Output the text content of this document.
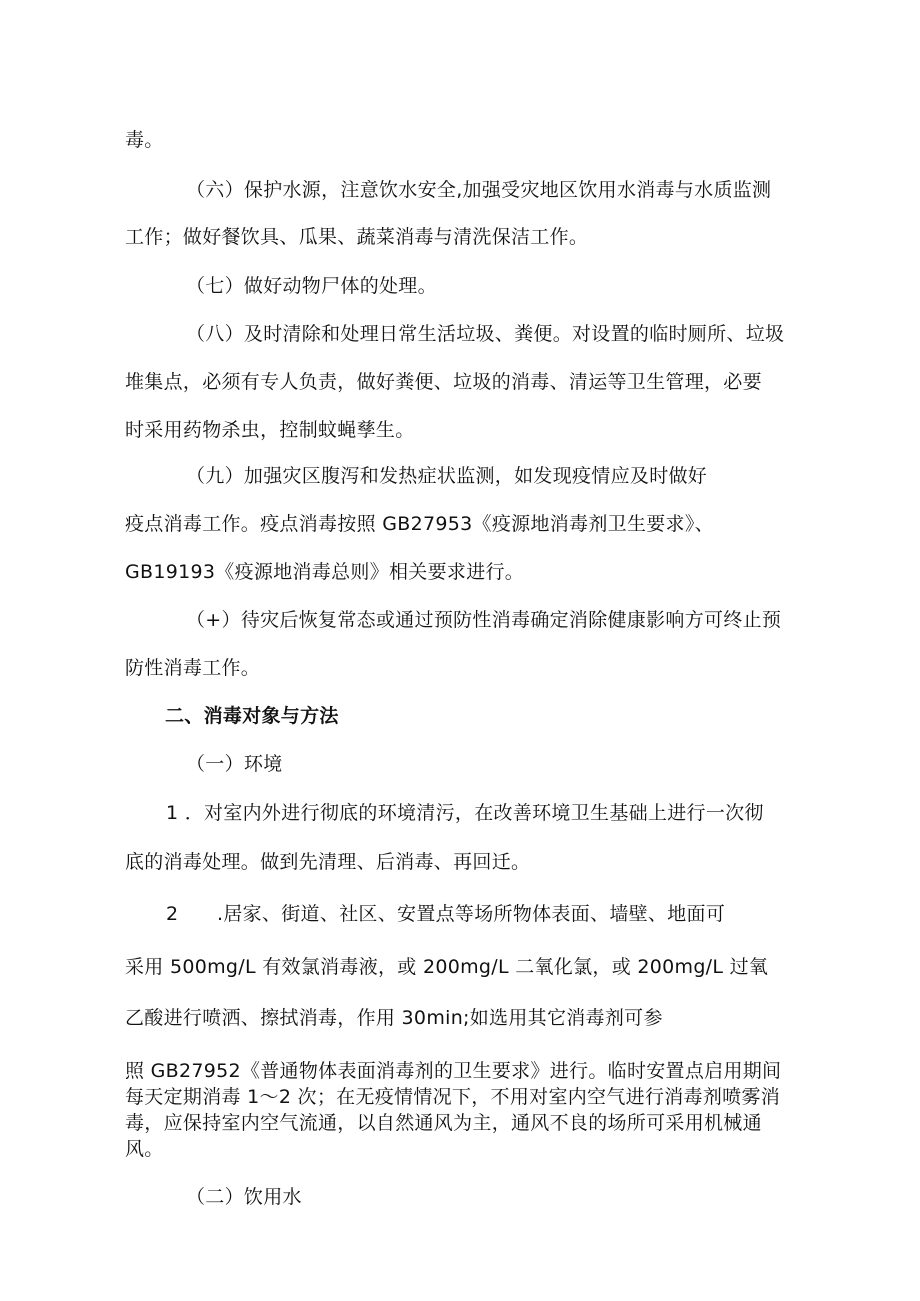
毒。

（六）保护水源，注意饮水安全,加强受灾地区饮用水消毒与水质监测

工作；做好餐饮具、瓜果、蔬菜消毒与清洗保洁工作。

（七）做好动物尸体的处理。

（八）及时清除和处理日常生活垃圾、粪便。对设置的临时厕所、垃圾

堆集点，必须有专人负责，做好粪便、垃圾的消毒、清运等卫生管理，必要

时采用药物杀虫，控制蚊蝇孳生。

（九）加强灾区腹泻和发热症状监测，如发现疫情应及时做好

疫点消毒工作。疫点消毒按照 GB27953《疫源地消毒剂卫生要求》、

GB19193《疫源地消毒总则》相关要求进行。

（+）待灾后恢复常态或通过预防性消毒确定消除健康影响方可终止预

防性消毒工作。

二、消毒对象与方法

（一）环境

1 ．对室内外进行彻底的环境清污，在改善环境卫生基础上进行一次彻

底的消毒处理。做到先清理、后消毒、再回迁。

2　　.居家、街道、社区、安置点等场所物体表面、墙壁、地面可

采用 500mg∕L 有效氯消毒液，或 200mg∕L 二氧化氯，或 200mg∕L 过氧

乙酸进行喷洒、擦拭消毒，作用 30min;如选用其它消毒剂可参

照 GB27952《普通物体表面消毒剂的卫生要求》进行。临时安置点启用期间

每天定期消毒 1〜2 次；在无疫情情况下，不用对室内空气进行消毒剂喷雾消

毒，应保持室内空气流通，以自然通风为主，通风不良的场所可采用机械通

风。

（二）饮用水
